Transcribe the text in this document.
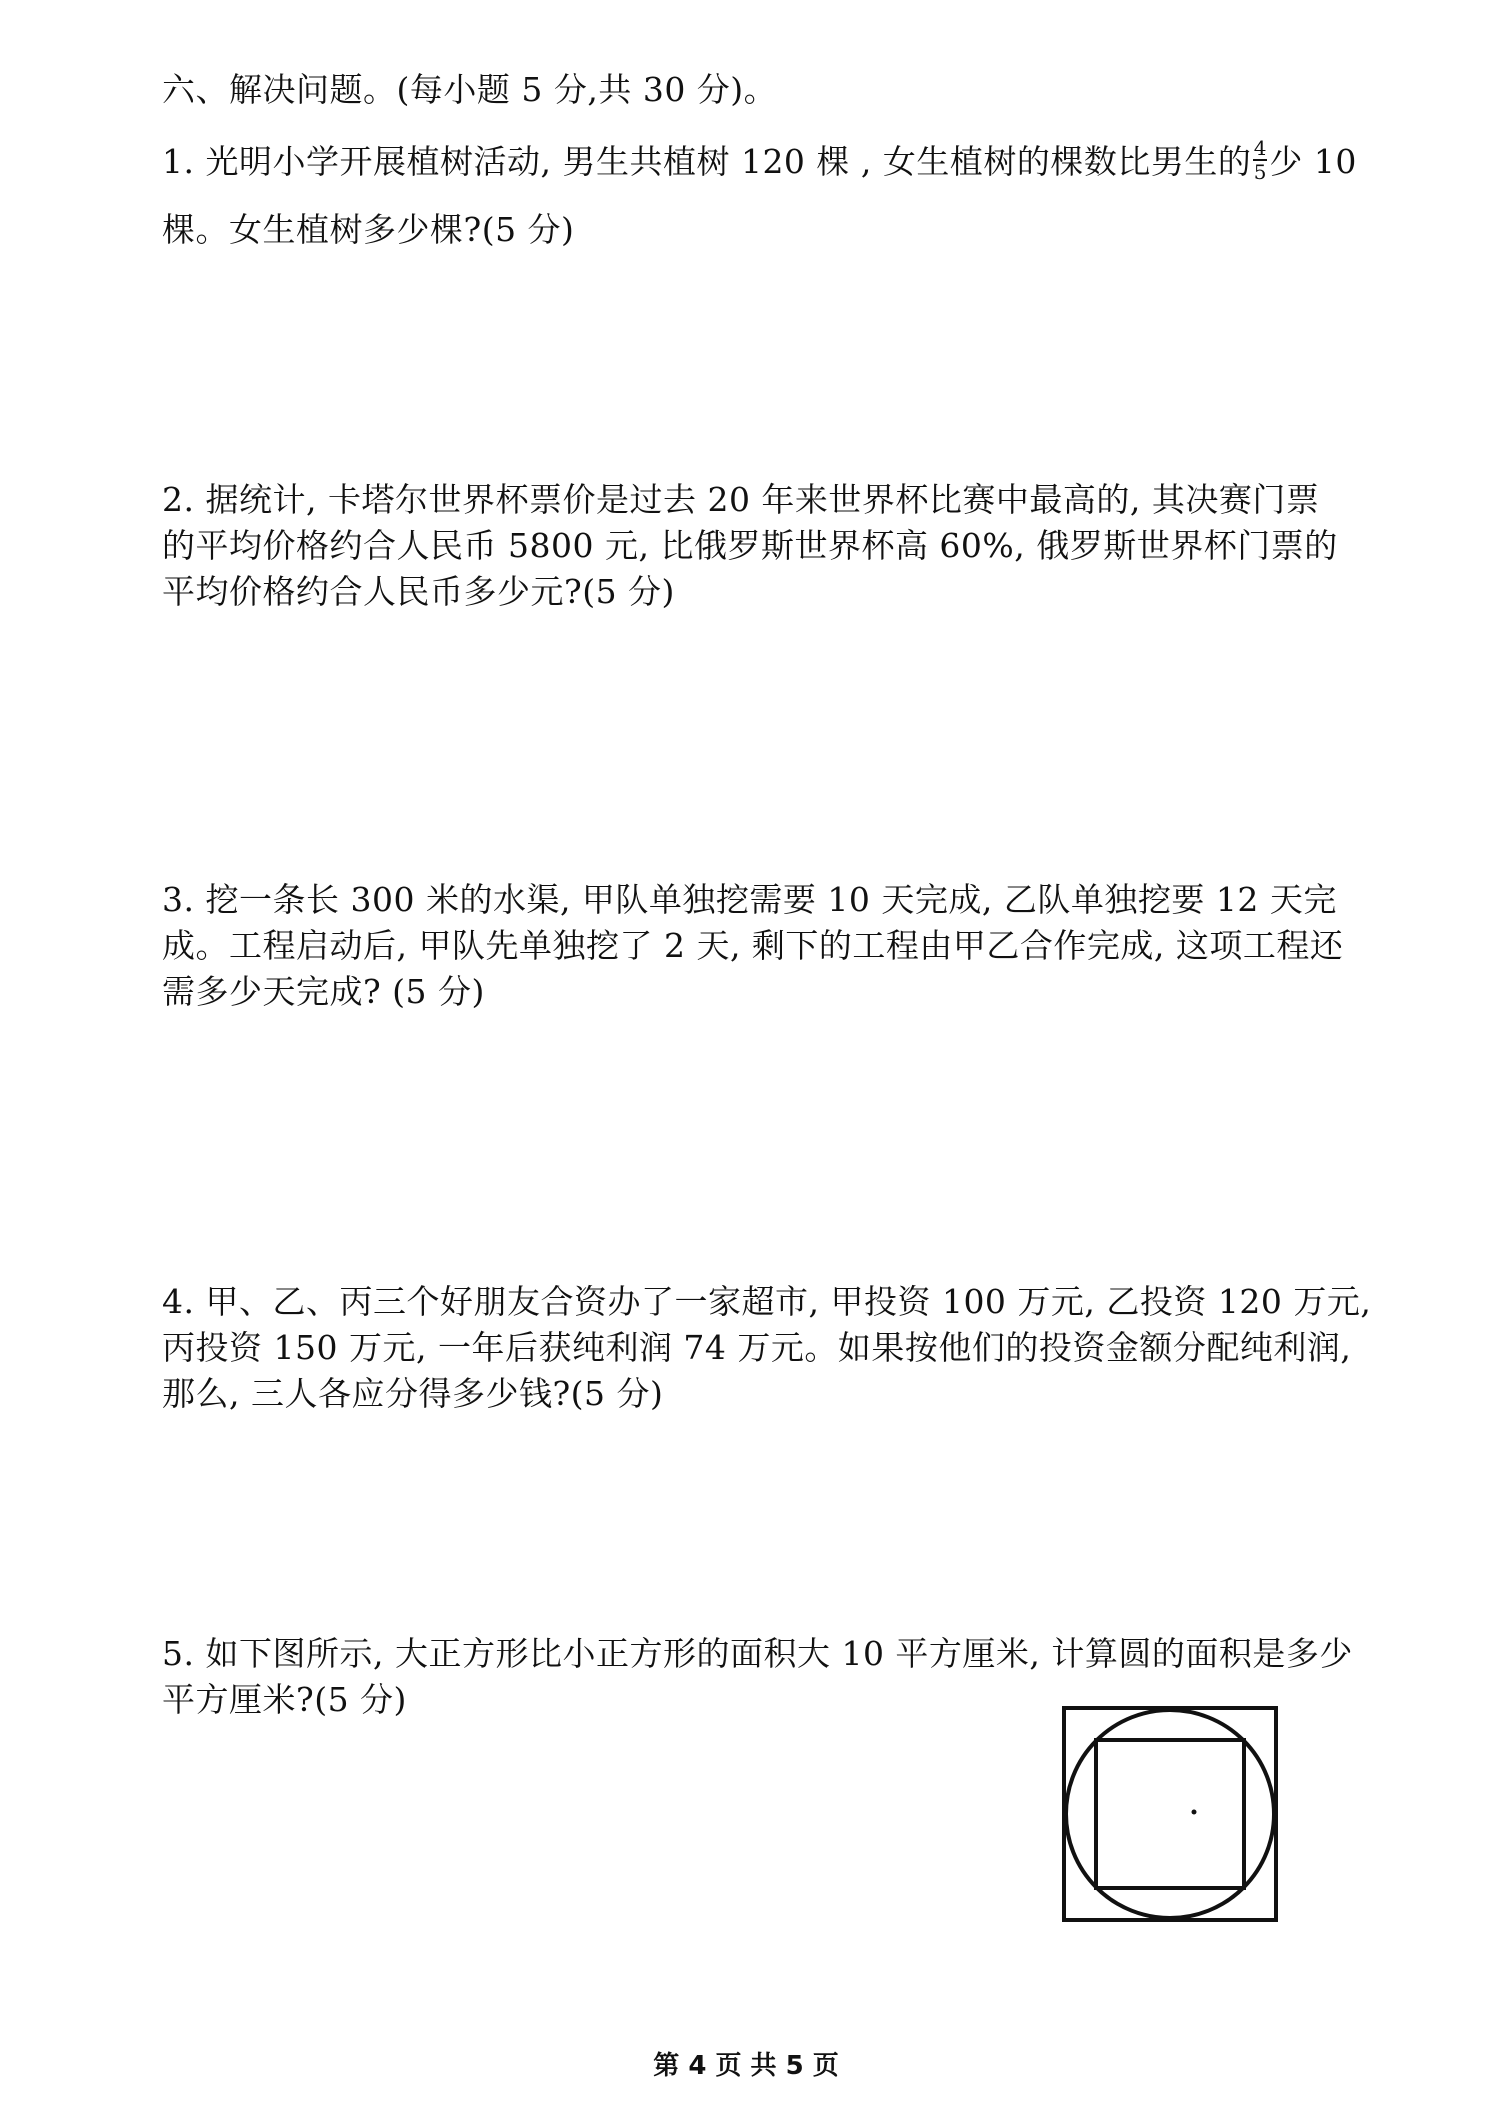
六、解决问题。(每小题 5 分,共 30 分)。
1. 光明小学开展植树活动, 男生共植树 120 棵 , 女生植树的棵数比男生的 $\frac{4}{5}$ 少 10
棵。女生植树多少棵?(5 分)
2. 据统计, 卡塔尔世界杯票价是过去 20 年来世界杯比赛中最高的, 其决赛门票
的平均价格约合人民币 5800 元, 比俄罗斯世界杯高 60%, 俄罗斯世界杯门票的
平均价格约合人民币多少元?(5 分)
3. 挖一条长 300 米的水渠, 甲队单独挖需要 10 天完成, 乙队单独挖要 12 天完
成。工程启动后, 甲队先单独挖了 2 天, 剩下的工程由甲乙合作完成, 这项工程还
需多少天完成? (5 分)
4. 甲、乙、丙三个好朋友合资办了一家超市, 甲投资 100 万元, 乙投资 120 万元,
丙投资 150 万元, 一年后获纯利润 74 万元。如果按他们的投资金额分配纯利润,
那么, 三人各应分得多少钱?(5 分)
5. 如下图所示, 大正方形比小正方形的面积大 10 平方厘米, 计算圆的面积是多少
平方厘米?(5 分)
第 4 页 共 5 页
